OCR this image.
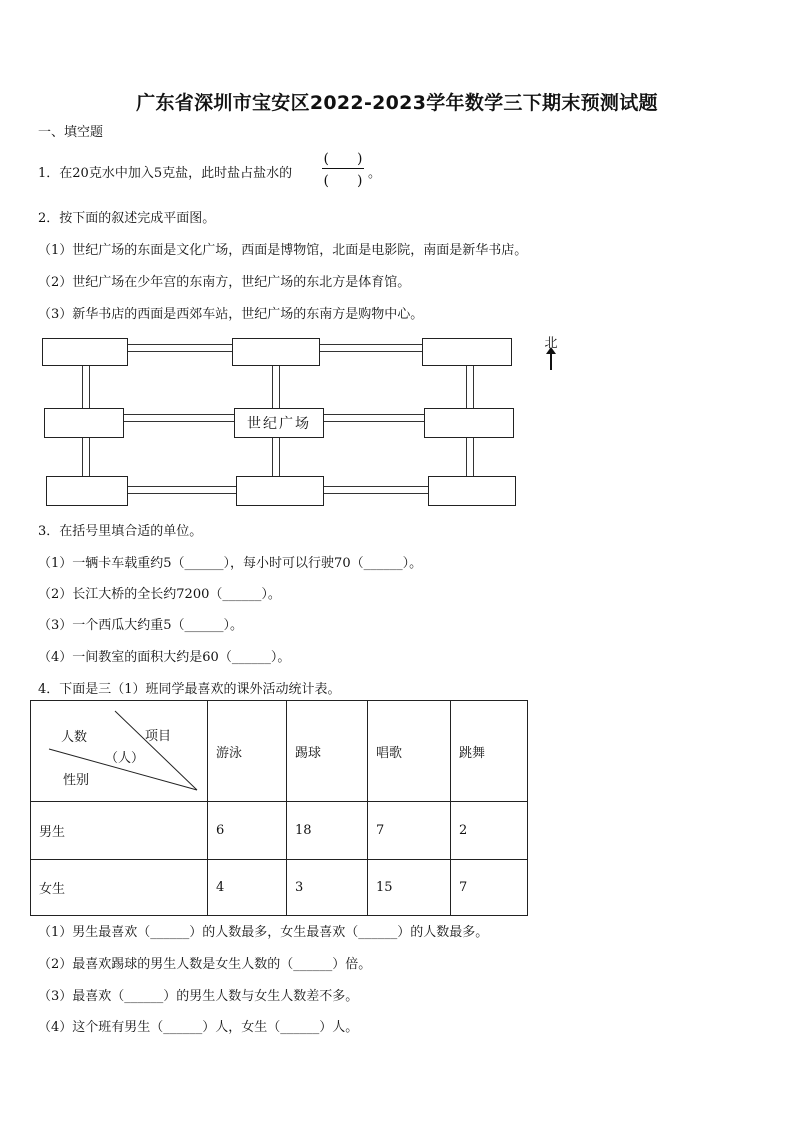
广东省深圳市宝安区2022-2023学年数学三下期末预测试题
一、填空题
1．在20克水中加入5克盐，此时盐占盐水的
(　　)
(　　) 。
2．按下面的叙述完成平面图。
（1）世纪广场的东面是文化广场，西面是博物馆，北面是电影院，南面是新华书店。
（2）世纪广场在少年宫的东南方，世纪广场的东北方是体育馆。
（3）新华书店的西面是西郊车站，世纪广场的东南方是购物中心。
世纪广场
北
3．在括号里填合适的单位。
（1）一辆卡车载重约5（______），每小时可以行驶70（______）。
（2）长江大桥的全长约7200（______）。
（3）一个西瓜大约重5（______）。
（4）一间教室的面积大约是60（______）。
4．下面是三（1）班同学最喜欢的课外活动统计表。
人数
（人）
项目
性别	游泳	踢球	唱歌	跳舞
男生	6	18	7	2
女生	4	3	15	7
（1）男生最喜欢（______）的人数最多，女生最喜欢（______）的人数最多。
（2）最喜欢踢球的男生人数是女生人数的（______）倍。
（3）最喜欢（______）的男生人数与女生人数差不多。
（4）这个班有男生（______）人，女生（______）人。
